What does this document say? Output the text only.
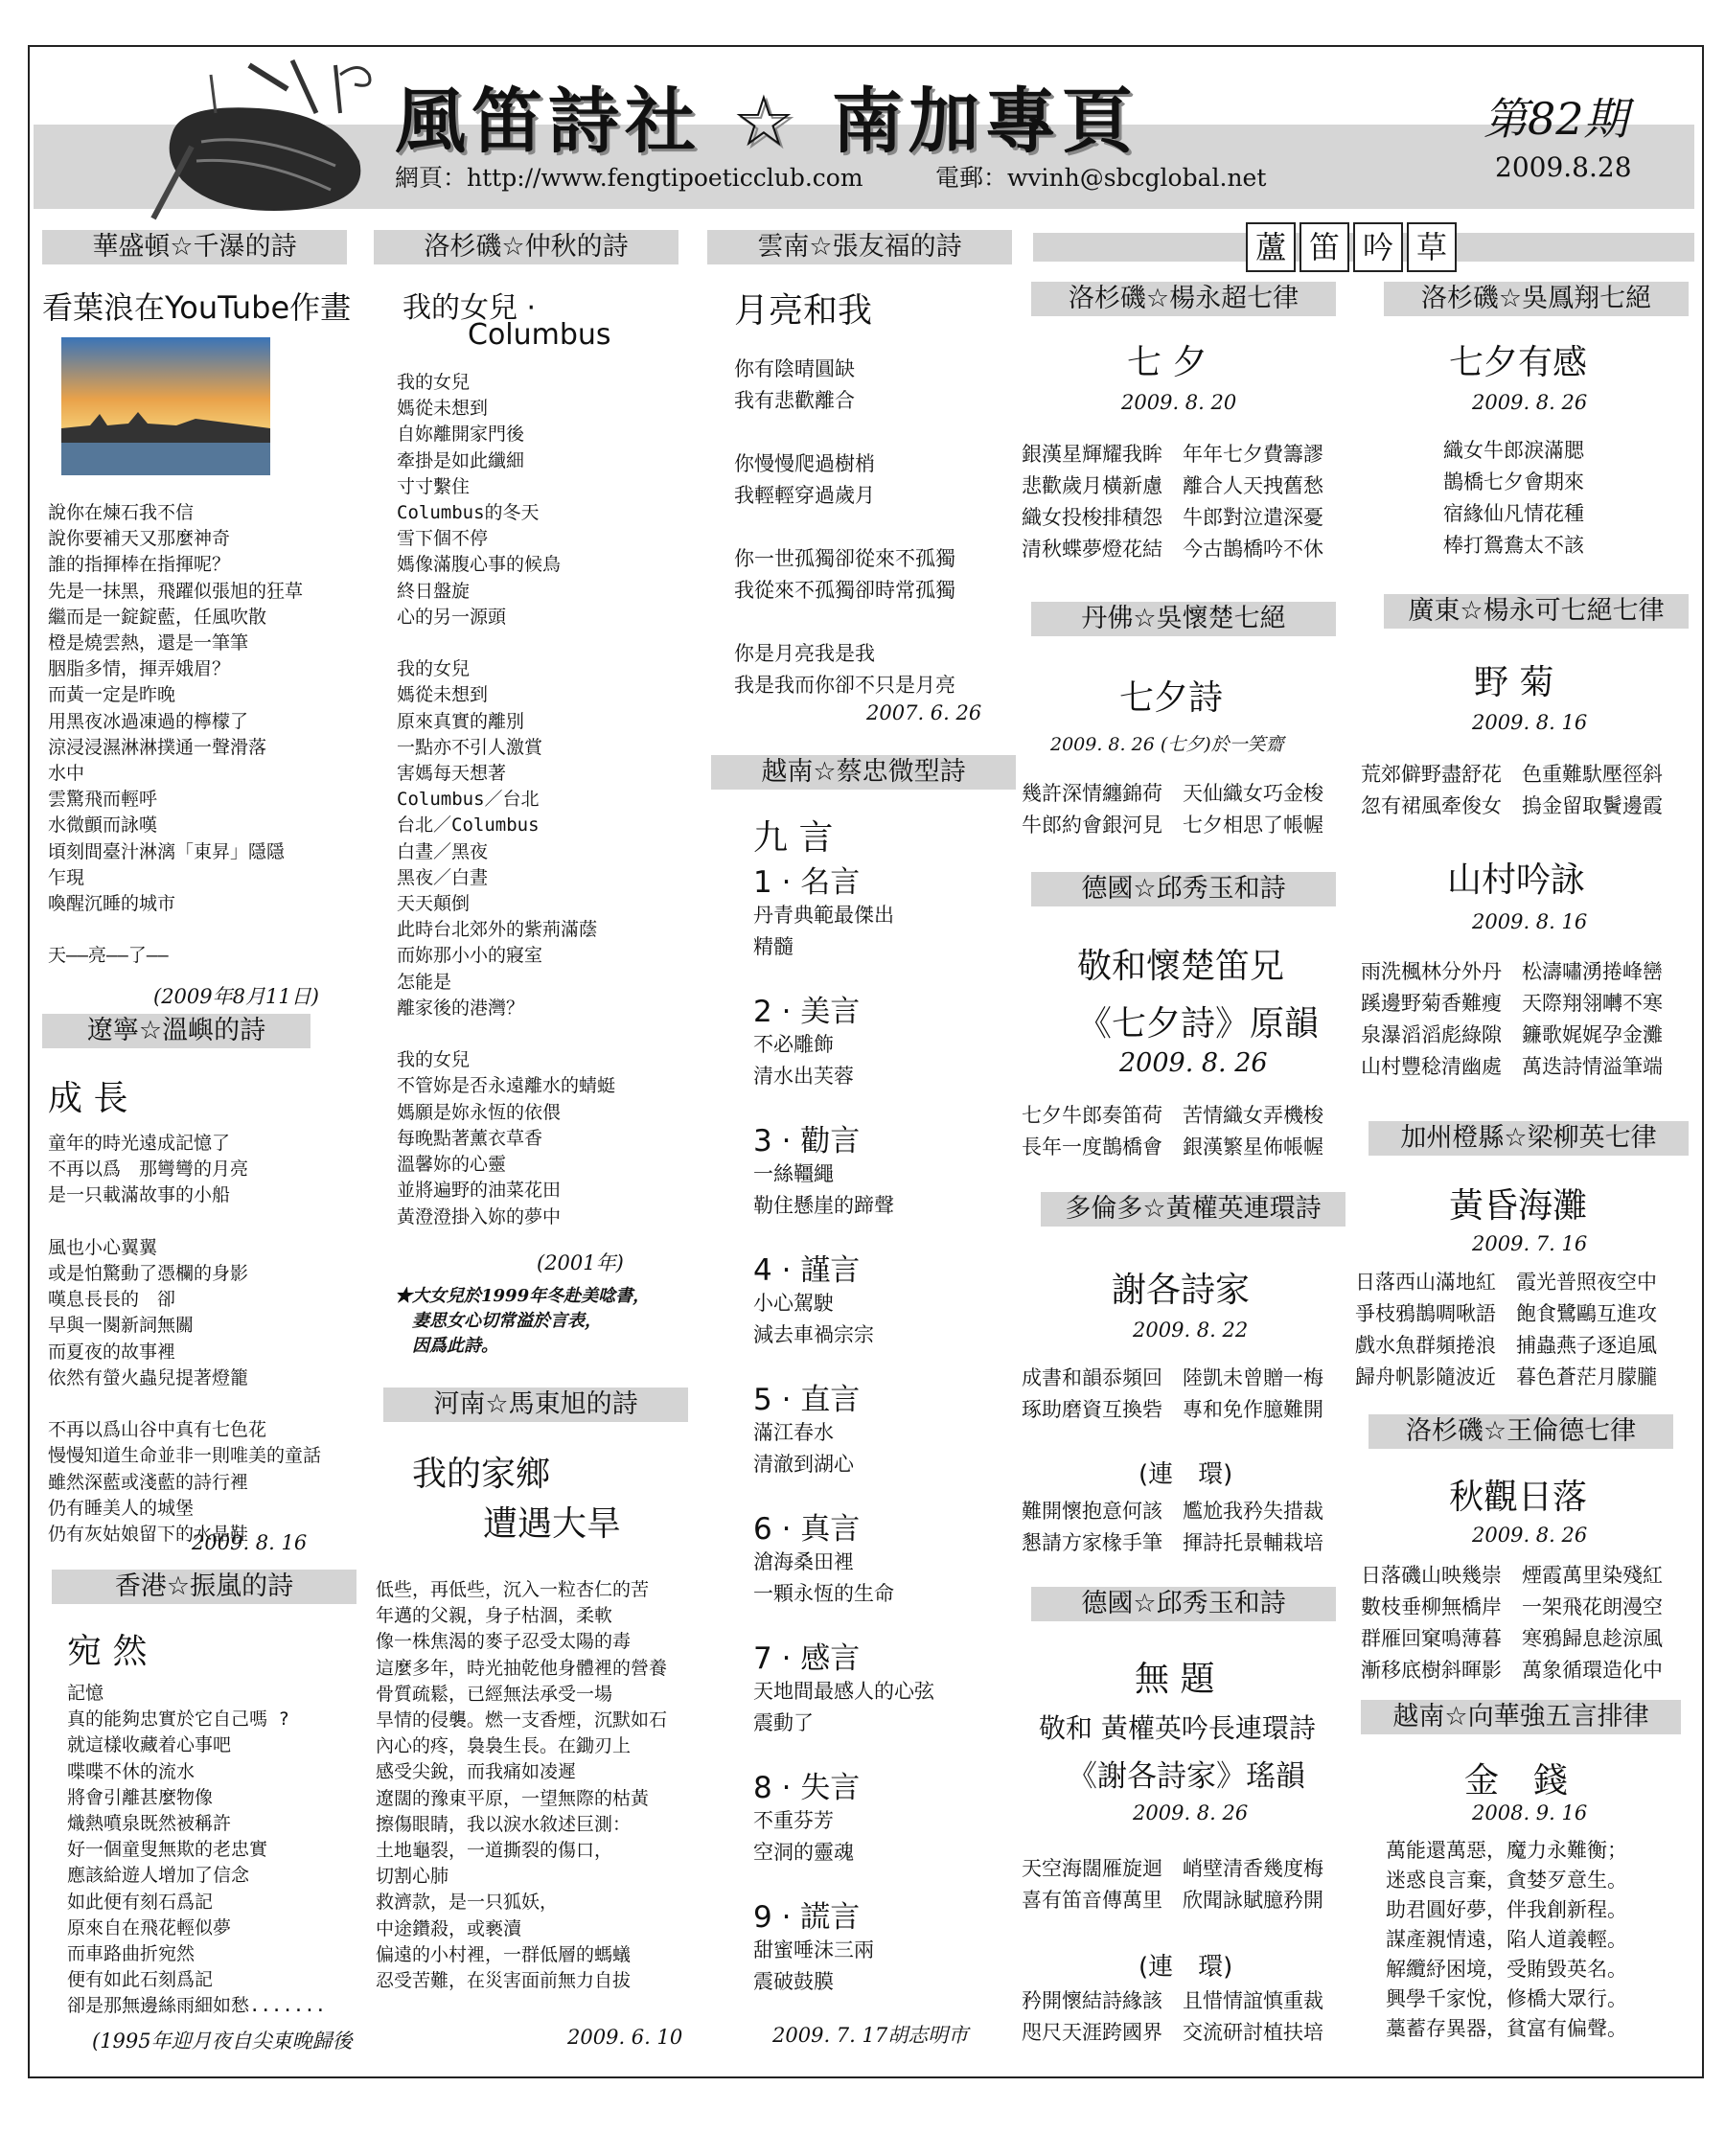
風笛詩社 ☆ 南加專頁	第82期
2009.8.28
網頁：http://www.fengtipoeticclub.com	電郵：wvinh@sbcglobal.net
蘆 笛 吟 草
華盛頓☆千瀑的詩
看葉浪在YouTube作畫
說你在煉石我不信
說你要補天又那麼神奇
誰的指揮棒在指揮呢？
先是一抹黑，飛躍似張旭的狂草
繼而是一錠錠藍，任風吹散
橙是燒雲熱，還是一筆筆
胭脂多情，揮弄娥眉？
而黃一定是昨晚
用黑夜冰過凍過的檸檬了
涼浸浸濕淋淋撲通一聲滑落
水中
雲驚飛而輕呼
水微顫而詠嘆
頃刻間臺汁淋漓「東昇」隱隱
乍現
喚醒沉睡的城市

天——亮——了——
(2009年8月11日)
遼寧☆溫嶼的詩
成 長
童年的時光遠成記憶了
不再以爲　那彎彎的月亮
是一只載滿故事的小船

風也小心翼翼
或是怕驚動了憑欄的身影
嘆息長長的　卻
早與一闋新詞無關
而夏夜的故事裡
依然有螢火蟲兒提著燈籠

不再以爲山谷中真有七色花
慢慢知道生命並非一則唯美的童話
雖然深藍或淺藍的詩行裡
仍有睡美人的城堡
仍有灰姑娘留下的水晶鞋
2009. 8. 16
香港☆振嵐的詩
宛 然
記憶
真的能夠忠實於它自己嗎 ?
就這樣收藏着心事吧
喋喋不休的流水
將會引離甚麼物像
熾熱噴泉既然被稱許
好一個童叟無欺的老忠實
應該給遊人增加了信念
如此便有刻石爲記
原來自在飛花輕似夢
而車路曲折宛然
便有如此石刻爲記
卻是那無邊絲雨細如愁.......
(1995年迎月夜自尖東晚歸後
洛杉磯☆仲秋的詩
我的女兒 ·
Columbus
我的女兒
媽從未想到
自妳離開家門後
牽掛是如此纖細
寸寸繫住
Columbus的冬天
雪下個不停
媽像滿腹心事的候鳥
終日盤旋
心的另一源頭

我的女兒
媽從未想到
原來真實的離別
一點亦不引人激賞
害媽每天想著
Columbus／台北
台北／Columbus
白晝／黑夜
黑夜／白晝
天天顛倒
此時台北郊外的紫荊滿蔭
而妳那小小的寢室
怎能是
離家後的港灣？

我的女兒
不管妳是否永遠離水的蜻蜓
媽願是妳永恆的依偎
每晚點著薰衣草香
溫馨妳的心靈
並將遍野的油菜花田
黃澄澄掛入妳的夢中
(2001年)
★大女兒於1999年冬赴美唸書，
　妻思女心切常溢於言表，
　因爲此詩。
河南☆馬東旭的詩
我的家鄉
遭遇大旱
低些，再低些，沉入一粒杏仁的苦
年邁的父親，身子枯涸，柔軟
像一株焦渴的麥子忍受太陽的毒
這麼多年，時光抽乾他身體裡的營養
骨質疏鬆，已經無法承受一場
旱情的侵襲。燃一支香煙，沉默如石
內心的疼，裊裊生長。在鋤刃上
感受尖銳，而我痛如凌遲
遼闊的豫東平原，一望無際的枯黃
擦傷眼睛，我以淚水敘述巨測：
土地龜裂，一道撕裂的傷口，
切割心肺
救濟款，是一只狐妖，
中途鑽殺，或褻瀆
偏遠的小村裡，一群低層的螞蟻
忍受苦難，在災害面前無力自拔
2009. 6. 10
雲南☆張友福的詩
月亮和我
你有陰晴圓缺
我有悲歡離合

你慢慢爬過樹梢
我輕輕穿過歲月

你一世孤獨卻從來不孤獨
我從來不孤獨卻時常孤獨

你是月亮我是我
我是我而你卻不只是月亮
2007. 6. 26
越南☆蔡忠微型詩
九 言
1 · 名言
丹青典範最傑出
精髓
2 · 美言
不必雕飾
清水出芙蓉
3 · 勸言
一絲韁繩
勒住懸崖的蹄聲
4 · 謹言
小心駕駛
減去車禍宗宗
5 · 直言
滿江春水
清澈到湖心
6 · 真言
滄海桑田裡
一顆永恆的生命
7 · 感言
天地間最感人的心弦
震動了
8 · 失言
不重芬芳
空洞的靈魂
9 · 謊言
甜蜜唾沫三兩
震破鼓膜
2009. 7. 17胡志明市
洛杉磯☆楊永超七律
七 夕
2009. 8. 20
銀漢星輝耀我眸　年年七夕費籌謬
悲歡歲月橫新慮　離合人天拽舊愁
織女投梭排積怨　牛郎對泣遣深憂
清秋蝶夢燈花結　今古鵲橋吟不休
丹佛☆吳懷楚七絕
七夕詩
2009. 8. 26 (七夕)於一笑齋
幾許深情纏錦荷　天仙織女巧金梭
牛郎約會銀河見　七夕相思了帳幄
德國☆邱秀玉和詩
敬和懷楚笛兄
《七夕詩》原韻
2009. 8. 26
七夕牛郎奏笛荷　苦情織女弄機梭
長年一度鵲橋會　銀漢繁星佈帳幄
多倫多☆黃權英連環詩
謝各詩家
2009. 8. 22
成書和韻忝頻回　陸凱未曾贈一梅
琢助磨資互換砦　專和免作臆難開
(連　環)
難開懷抱意何該　尷尬我矜失措裁
懇請方家椽手筆　揮詩托景輔栽培
德國☆邱秀玉和詩
無 題
敬和 黃權英吟長連環詩
《謝各詩家》瑤韻
2009. 8. 26
天空海闊雁旋迴　峭壁清香幾度梅
喜有笛音傳萬里　欣聞詠賦臆矜開
(連　環)
矜開懷結詩緣該　且惜情誼慎重裁
咫尺天涯跨國界　交流研討植扶培
洛杉磯☆吳鳳翔七絕
七夕有感
2009. 8. 26
織女牛郎淚滿腮
鵲橋七夕會期來
宿緣仙凡情花種
棒打鴛鴦太不該
廣東☆楊永可七絕七律
野 菊
2009. 8. 16
荒郊僻野盡舒花　色重難馱壓徑斜
忽有裙風牽俊女　摀金留取鬢邊霞
山村吟詠
2009. 8. 16
雨洗楓林分外丹　松濤嘯湧捲峰巒
蹊邊野菊香難瘦　天際翔翎囀不寒
泉瀑滔滔彪綠隙　鐮歌娓娓孕金灘
山村豐稔清幽處　萬迭詩情溢筆端
加州橙縣☆梁柳英七律
黃昏海灘
2009. 7. 16
日落西山滿地紅　霞光普照夜空中
爭枝鴉鵲啁啾語　飽食鷺鷗互進攻
戲水魚群頻捲浪　捕蟲燕子逐追風
歸舟帆影隨波近　暮色蒼茫月朦朧
洛杉磯☆王倫德七律
秋觀日落
2009. 8. 26
日落磯山映幾崇　煙霞萬里染殘紅
數枝垂柳無橋岸　一架飛花朗漫空
群雁回窠鳴薄暮　寒鴉歸息趁涼風
漸移底樹斜暉影　萬象循環造化中
越南☆向華強五言排律
金　錢
2008. 9. 16
萬能還萬惡，魔力永難衡；
迷惑良言棄，貪婪歹意生。
助君圓好夢，伴我創新程。
謀產親情遠，陷人道義輕。
解纜紓困境，受賄毀英名。
興學千家悅，修橋大眾行。
藁蓄存異器，貧富有偏聲。
